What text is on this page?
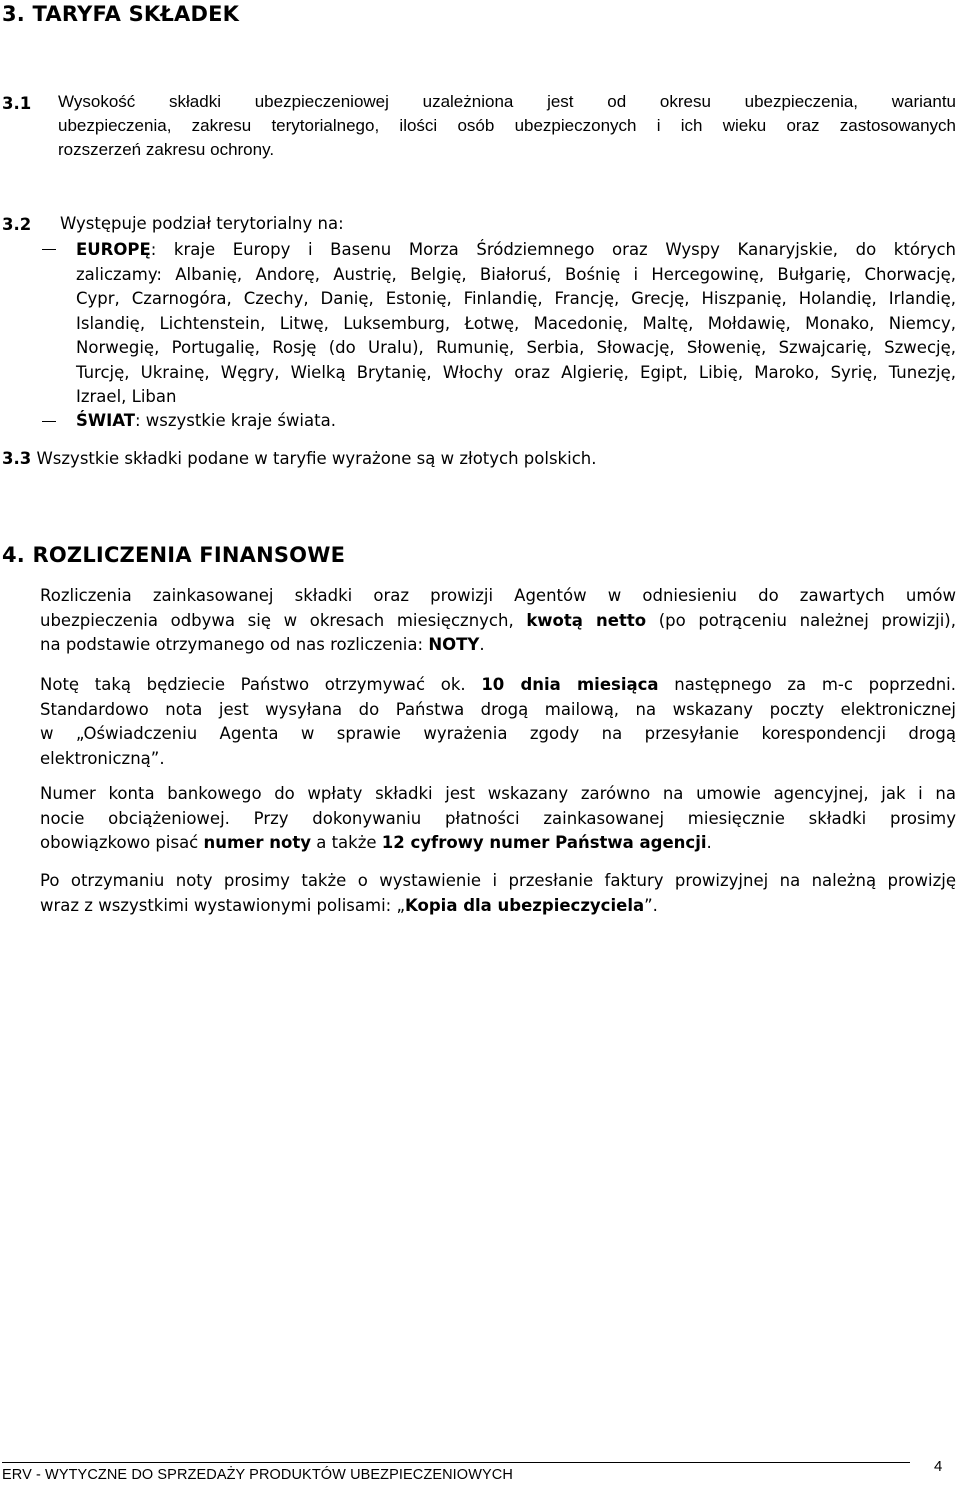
3. TARYFA SKŁADEK
3.1 Wysokość składki ubezpieczeniowej uzależniona jest od okresu ubezpieczenia, wariantu
ubezpieczenia, zakresu terytorialnego, ilości osób ubezpieczonych i ich wieku oraz zastosowanych
rozszerzeń zakresu ochrony.
3.2 Występuje podział terytorialny na:
EUROPĘ: kraje Europy i Basenu Morza Śródziemnego oraz Wyspy Kanaryjskie, do których
zaliczamy: Albanię, Andorę, Austrię, Belgię, Białoruś, Bośnię i Hercegowinę, Bułgarię, Chorwację,
Cypr, Czarnogóra, Czechy, Danię, Estonię, Finlandię, Francję, Grecję, Hiszpanię, Holandię, Irlandię,
Islandię, Lichtenstein, Litwę, Luksemburg, Łotwę, Macedonię, Maltę, Mołdawię, Monako, Niemcy,
Norwegię, Portugalię, Rosję (do Uralu), Rumunię, Serbia, Słowację, Słowenię, Szwajcarię, Szwecję,
Turcję, Ukrainę, Węgry, Wielką Brytanię, Włochy oraz Algierię, Egipt, Libię, Maroko, Syrię, Tunezję,
Izrael, Liban
ŚWIAT: wszystkie kraje świata.
3.3 Wszystkie składki podane w taryfie wyrażone są w złotych polskich.
4. ROZLICZENIA FINANSOWE
Rozliczenia zainkasowanej składki oraz prowizji Agentów w odniesieniu do zawartych umów
ubezpieczenia odbywa się w okresach miesięcznych, kwotą netto (po potrąceniu należnej prowizji),
na podstawie otrzymanego od nas rozliczenia: NOTY.
Notę taką będziecie Państwo otrzymywać ok. 10 dnia miesiąca następnego za m-c poprzedni.
Standardowo nota jest wysyłana do Państwa drogą mailową, na wskazany poczty elektronicznej
w „Oświadczeniu Agenta w sprawie wyrażenia zgody na przesyłanie korespondencji drogą
elektroniczną”.
Numer konta bankowego do wpłaty składki jest wskazany zarówno na umowie agencyjnej, jak i na
nocie obciążeniowej. Przy dokonywaniu płatności zainkasowanej miesięcznie składki prosimy
obowiązkowo pisać numer noty a także 12 cyfrowy numer Państwa agencji.
Po otrzymaniu noty prosimy także o wystawienie i przesłanie faktury prowizyjnej na należną prowizję
wraz z wszystkimi wystawionymi polisami: „Kopia dla ubezpieczyciela”.
ERV - WYTYCZNE DO SPRZEDAŻY PRODUKTÓW UBEZPIECZENIOWYCH	4
